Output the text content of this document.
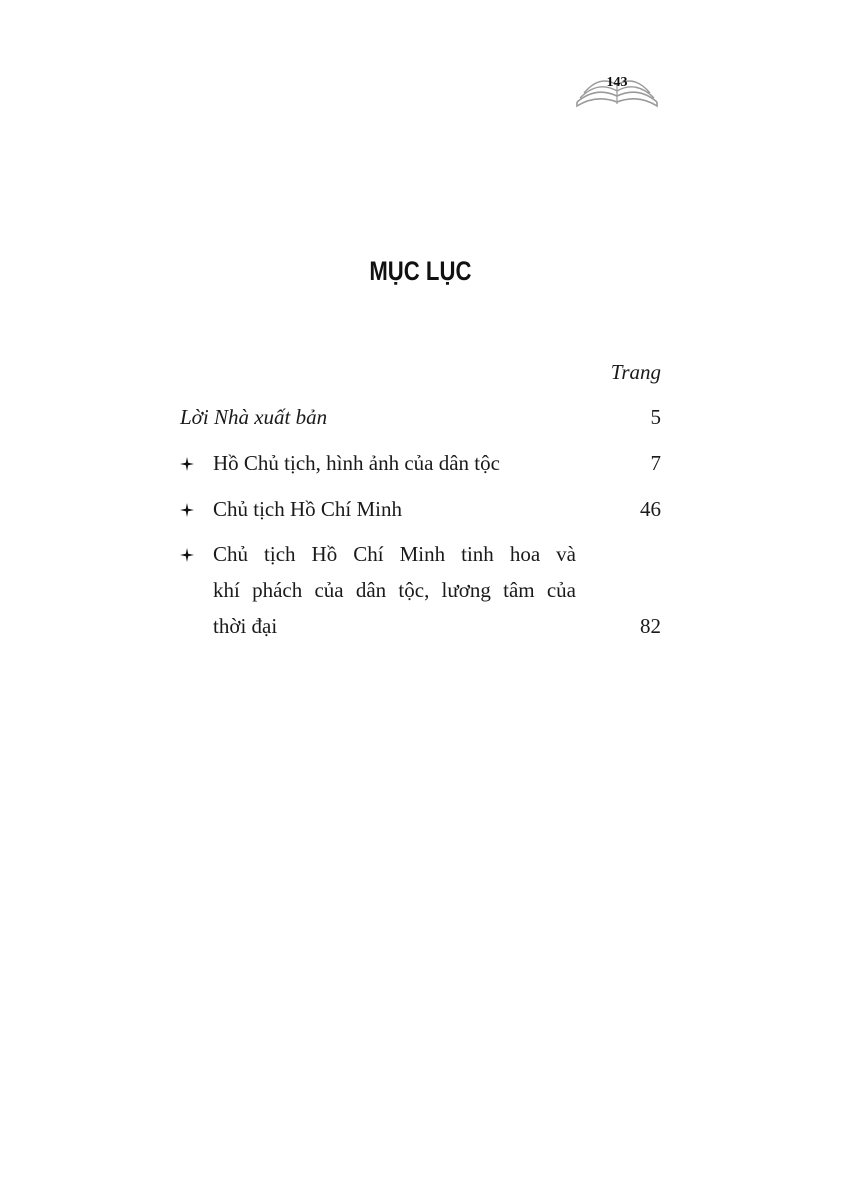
143
MỤC LỤC
Trang
Lời Nhà xuất bản	5
Hồ Chủ tịch, hình ảnh của dân tộc	7
Chủ tịch Hồ Chí Minh	46
Chủ tịch Hồ Chí Minh tinh hoa và
khí phách của dân tộc, lương tâm của
thời đại	82
